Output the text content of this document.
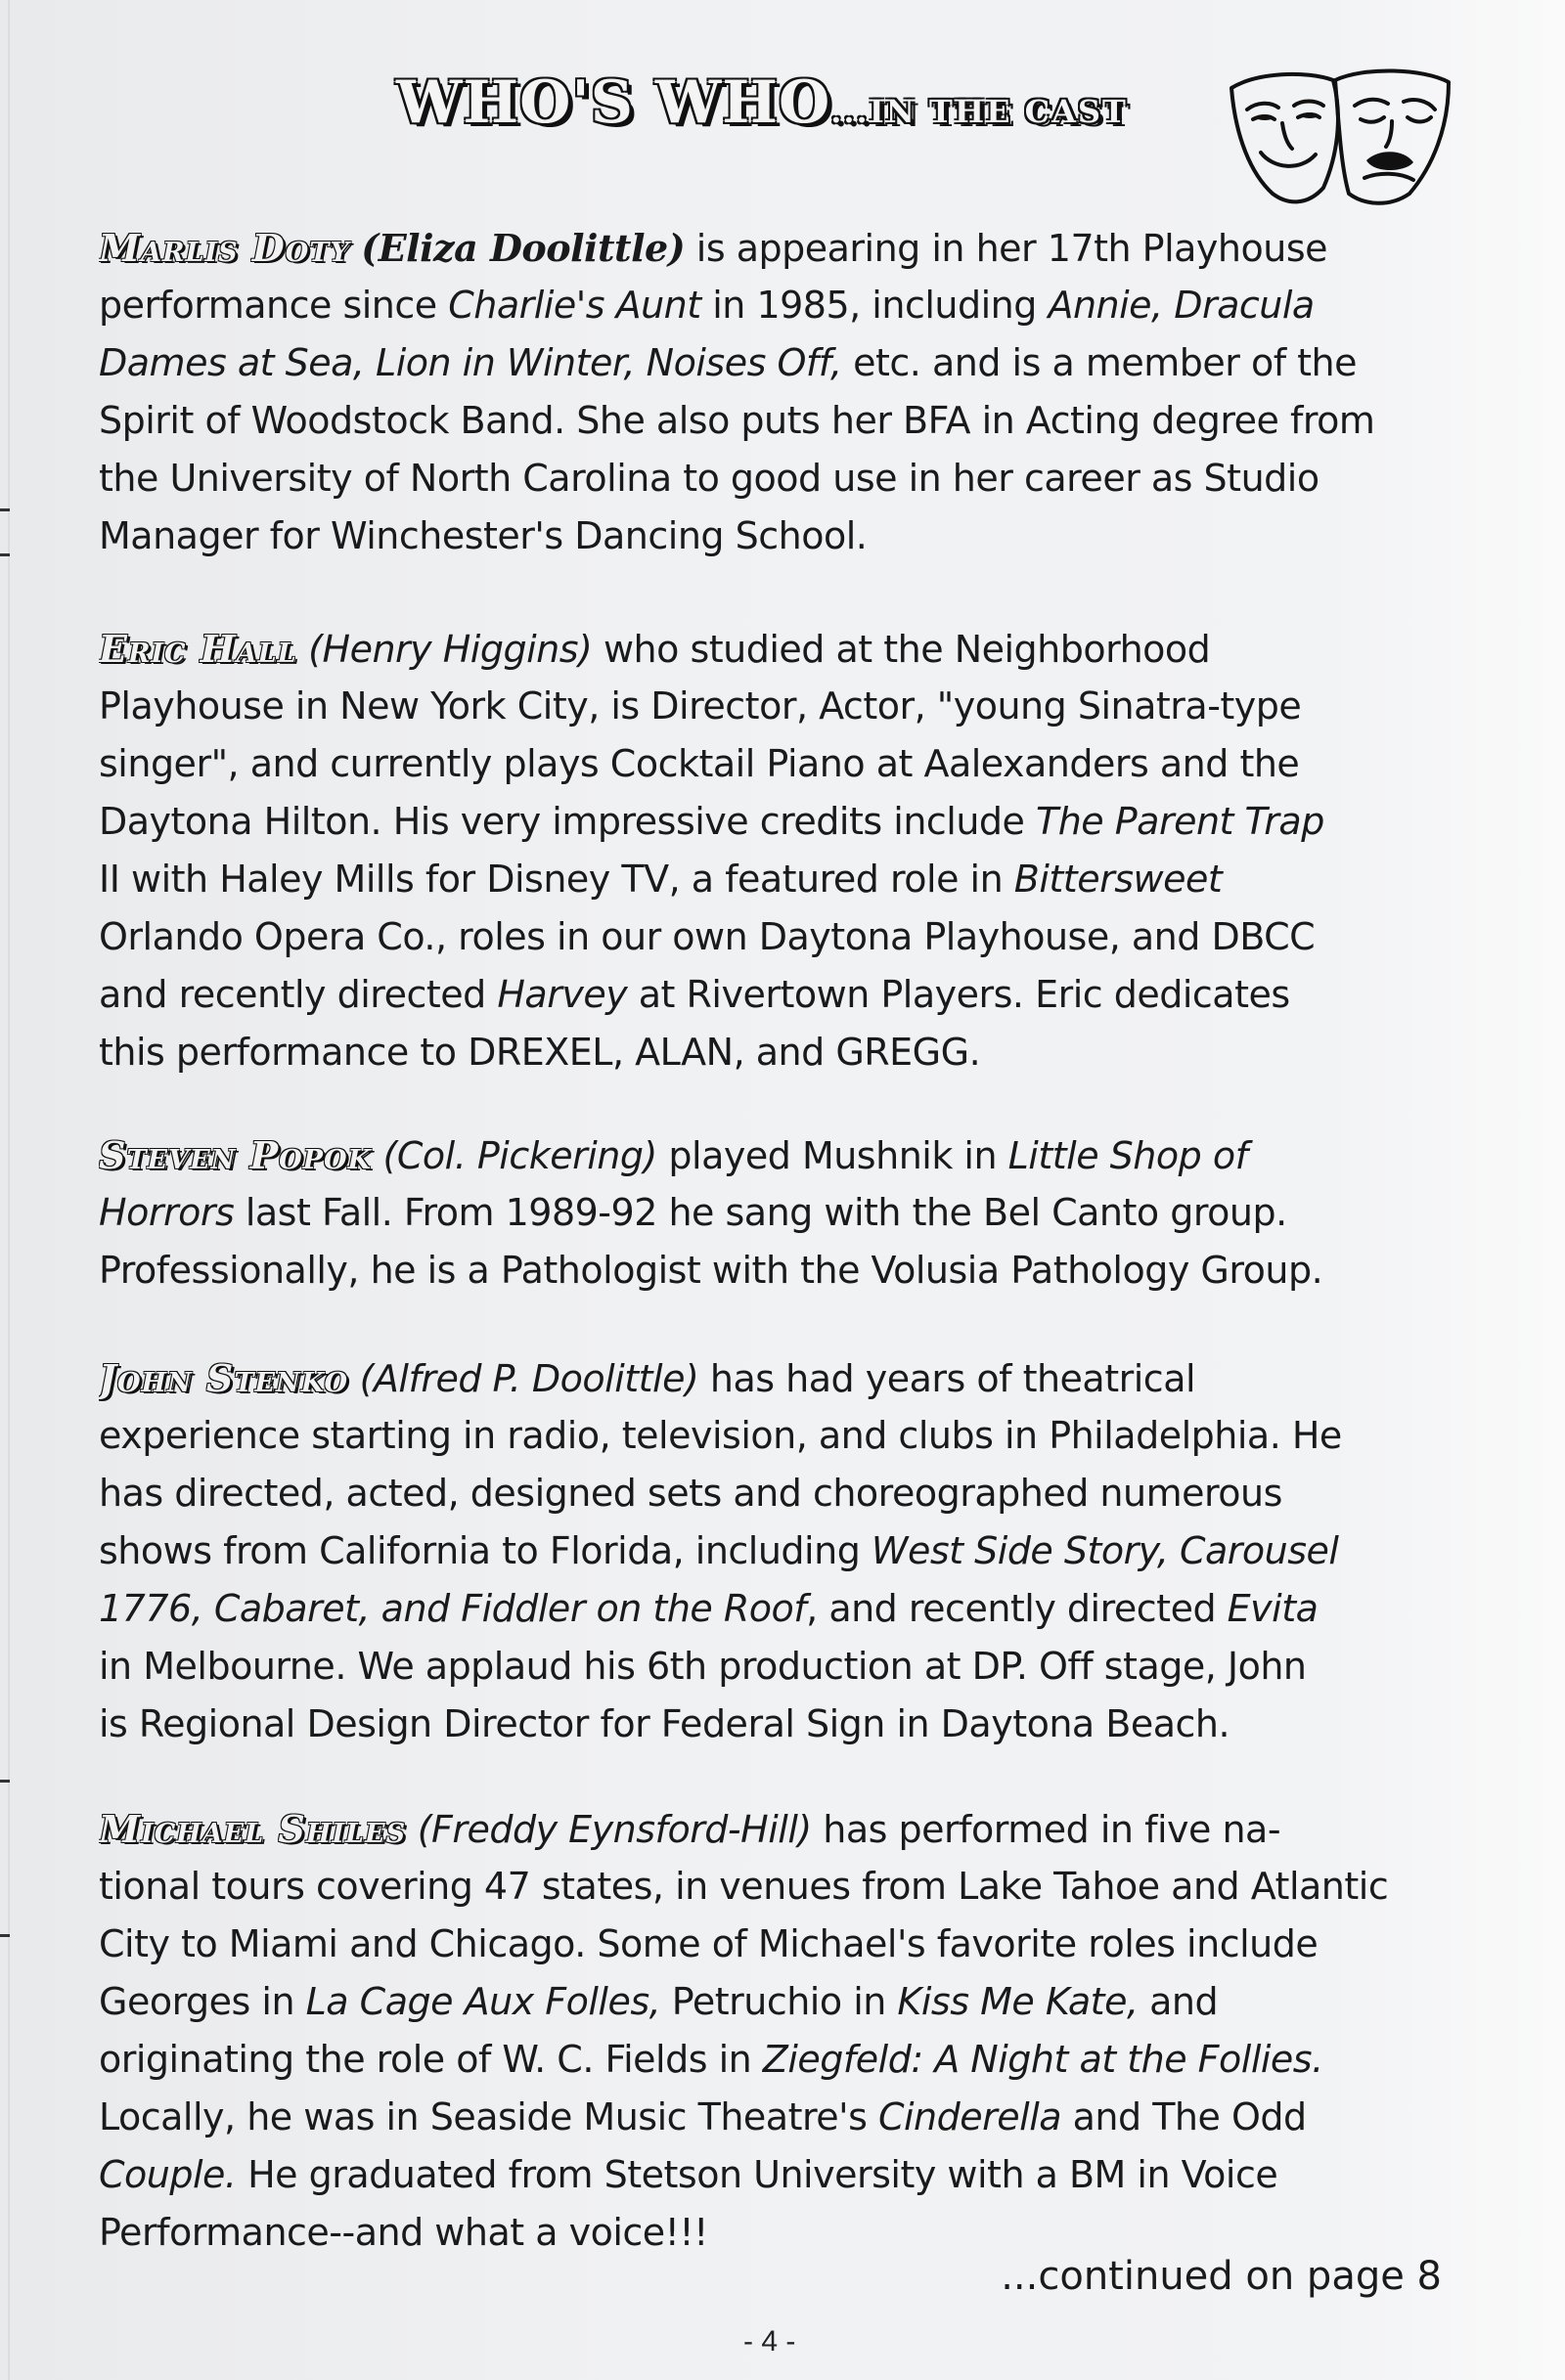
WHO'S WHO...IN THE CAST
Marlis Doty (Eliza Doolittle) is appearing in her 17th Playhouse
performance since Charlie's Aunt in 1985, including Annie, Dracula
Dames at Sea, Lion in Winter, Noises Off, etc. and is a member of the
Spirit of Woodstock Band. She also puts her BFA in Acting degree from
the University of North Carolina to good use in her career as Studio
Manager for Winchester's Dancing School.
Eric Hall (Henry Higgins) who studied at the Neighborhood
Playhouse in New York City, is Director, Actor, "young Sinatra-type
singer", and currently plays Cocktail Piano at Aalexanders and the
Daytona Hilton. His very impressive credits include The Parent Trap
II with Haley Mills for Disney TV, a featured role in Bittersweet
Orlando Opera Co., roles in our own Daytona Playhouse, and DBCC
and recently directed Harvey at Rivertown Players. Eric dedicates
this performance to DREXEL, ALAN, and GREGG.
Steven Popok (Col. Pickering) played Mushnik in Little Shop of
Horrors last Fall. From 1989-92 he sang with the Bel Canto group.
Professionally, he is a Pathologist with the Volusia Pathology Group.
John Stenko (Alfred P. Doolittle) has had years of theatrical
experience starting in radio, television, and clubs in Philadelphia. He
has directed, acted, designed sets and choreographed numerous
shows from California to Florida, including West Side Story, Carousel
1776, Cabaret, and Fiddler on the Roof, and recently directed Evita
in Melbourne. We applaud his 6th production at DP. Off stage, John
is Regional Design Director for Federal Sign in Daytona Beach.
Michael Shiles (Freddy Eynsford-Hill) has performed in five na-
tional tours covering 47 states, in venues from Lake Tahoe and Atlantic
City to Miami and Chicago. Some of Michael's favorite roles include
Georges in La Cage Aux Folles, Petruchio in Kiss Me Kate, and
originating the role of W. C. Fields in Ziegfeld: A Night at the Follies.
Locally, he was in Seaside Music Theatre's Cinderella and The Odd
Couple. He graduated from Stetson University with a BM in Voice
Performance--and what a voice!!!
...continued on page 8
- 4 -
